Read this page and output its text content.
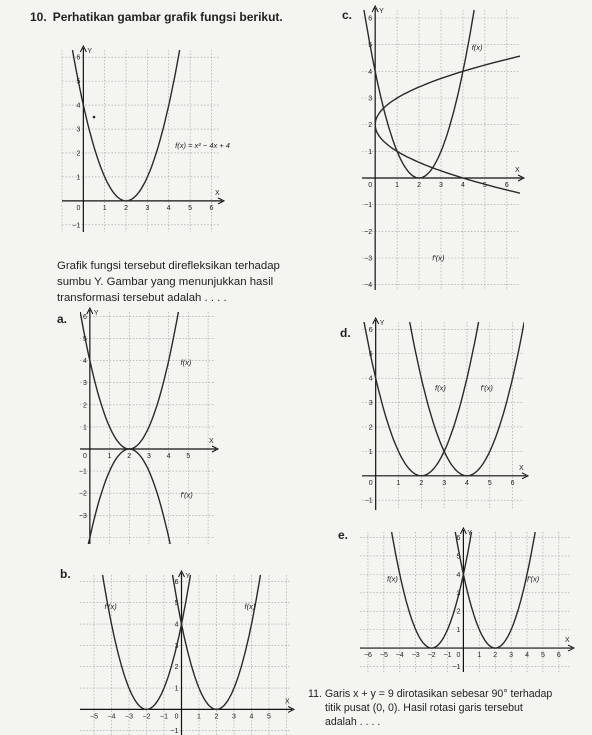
10. Perhatikan gambar grafik fungsi berikut.
Grafik fungsi tersebut direfleksikan terhadap
sumbu Y. Gambar yang menunjukkan hasil
transformasi tersebut adalah . . . .
c.
a.
d.
e.
b.
X
Y
1 2 3 4 5 6
0
−1
1
2
3
4
5
6
f(x) = x² − 4x + 4
X
Y
1 2 3 4 5
0
−3
−2
−1
1
2
3
4
5
6
f(x)
f'(x)
X
Y
−5 −4 −3 −2 −1	1 2 3 4 5
0
−1
1
2
3
4
5
6
f(x)
f'(x)
X
Y
1	2	3	4	5	6
0
−4
−3
−2
−1
1
2
3
4
5
6
f(x)
f'(x)
X
Y
1	2	3	4	5	6
0
−1
1
2
3
4
5
6
f(x)	f'(x)
X
Y
−6 −5 −4 −3 −2 −1	1 2 3 4 5 6
0
−1
1
2
3
4
5
6
f(x)	f'(x)
11. Garis x + y = 9 dirotasikan sebesar 90° terhadap
titik pusat (0, 0). Hasil rotasi garis tersebut
adalah . . . .
